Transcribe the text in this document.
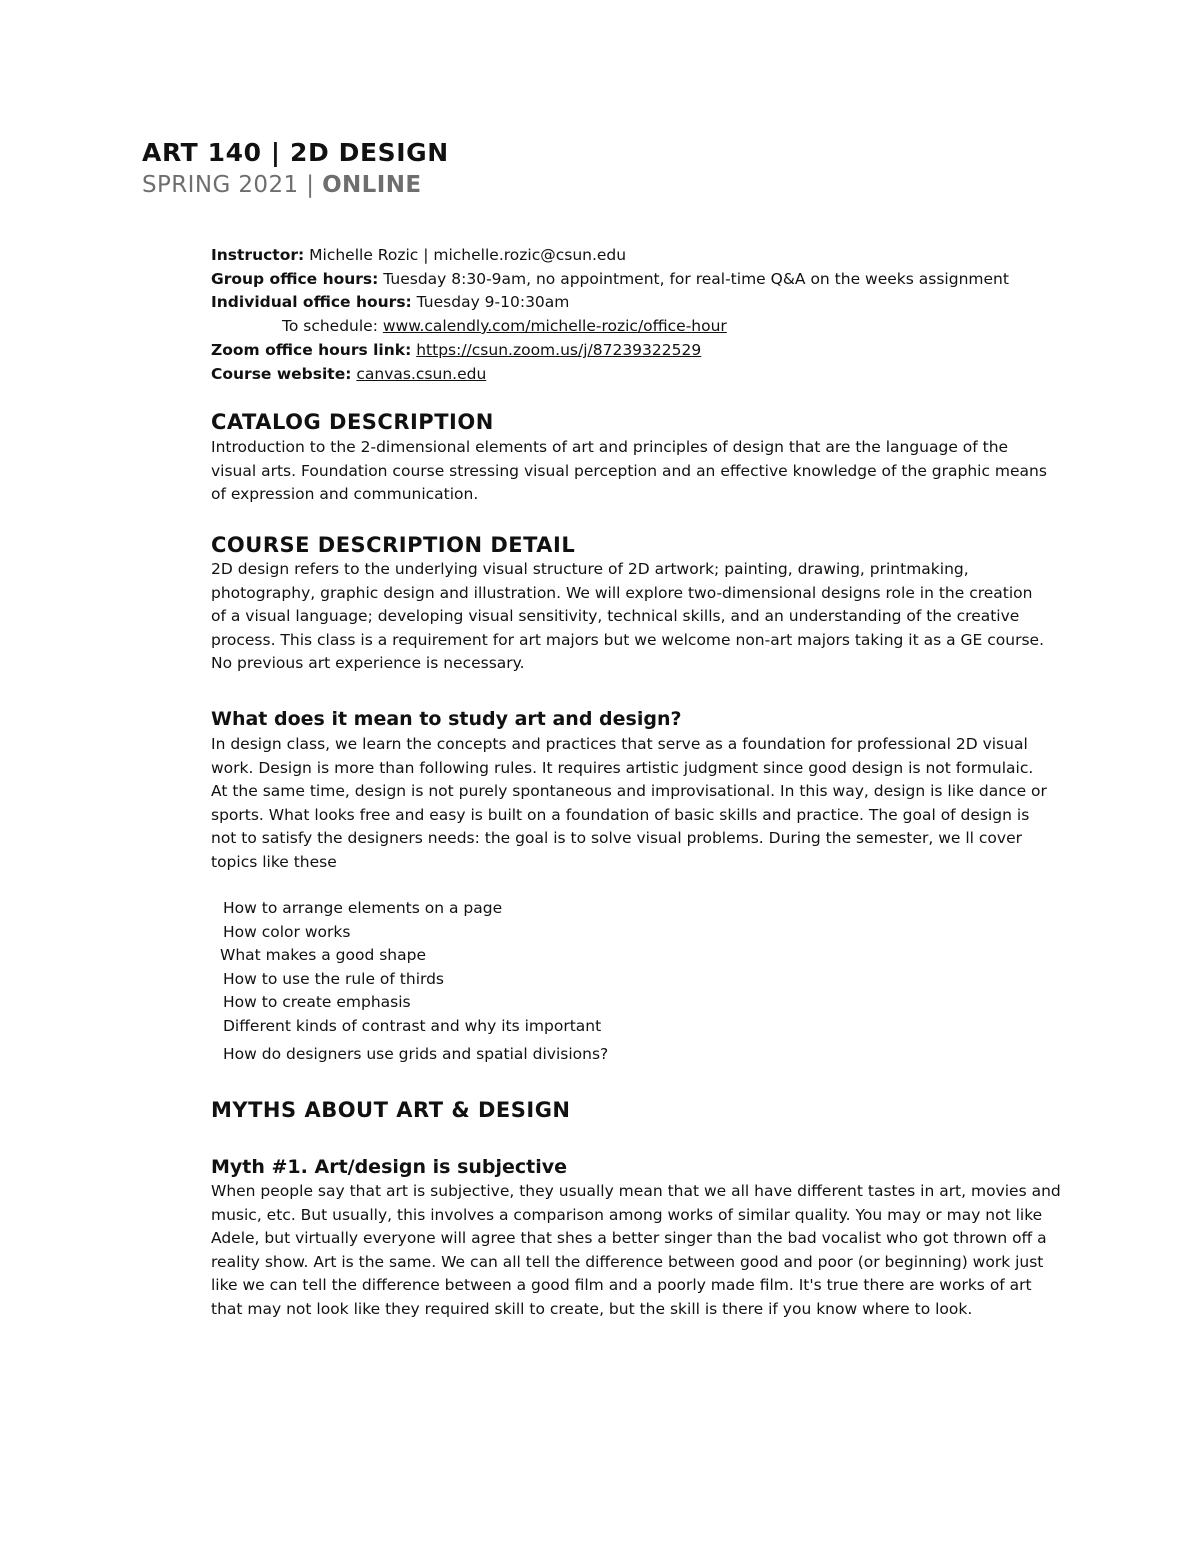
ART 140 | 2D DESIGN
SPRING 2021 | ONLINE
Instructor: Michelle Rozic | michelle.rozic@csun.edu
Group office hours: Tuesday 8:30-9am, no appointment, for real-time Q&A on the weeks assignment
Individual office hours: Tuesday 9-10:30am
To schedule: www.calendly.com/michelle-rozic/office-hour
Zoom office hours link: https://csun.zoom.us/j/87239322529
Course website: canvas.csun.edu
CATALOG DESCRIPTION
Introduction to the 2-dimensional elements of art and principles of design that are the language of the
visual arts. Foundation course stressing visual perception and an effective knowledge of the graphic means
of expression and communication.
COURSE DESCRIPTION DETAIL
2D design refers to the underlying visual structure of 2D artwork; painting, drawing, printmaking,
photography, graphic design and illustration. We will explore two-dimensional designs role in the creation
of a visual language; developing visual sensitivity, technical skills, and an understanding of the creative
process. This class is a requirement for art majors but we welcome non-art majors taking it as a GE course.
No previous art experience is necessary.
What does it mean to study art and design?
In design class, we learn the concepts and practices that serve as a foundation for professional 2D visual
work. Design is more than following rules. It requires artistic judgment since good design is not formulaic.
At the same time, design is not purely spontaneous and improvisational. In this way, design is like dance or
sports. What looks free and easy is built on a foundation of basic skills and practice. The goal of design is
not to satisfy the designers needs: the goal is to solve visual problems. During the semester, we ll cover
topics like these
How to arrange elements on a page
How color works
What makes a good shape
How to use the rule of thirds
How to create emphasis
Different kinds of contrast and why its important
How do designers use grids and spatial divisions?
MYTHS ABOUT ART & DESIGN
Myth #1. Art/design is subjective
When people say that art is subjective, they usually mean that we all have different tastes in art, movies and
music, etc. But usually, this involves a comparison among works of similar quality. You may or may not like
Adele, but virtually everyone will agree that shes a better singer than the bad vocalist who got thrown off a
reality show. Art is the same. We can all tell the difference between good and poor (or beginning) work just
like we can tell the difference between a good film and a poorly made film. It's true there are works of art
that may not look like they required skill to create, but the skill is there if you know where to look.
